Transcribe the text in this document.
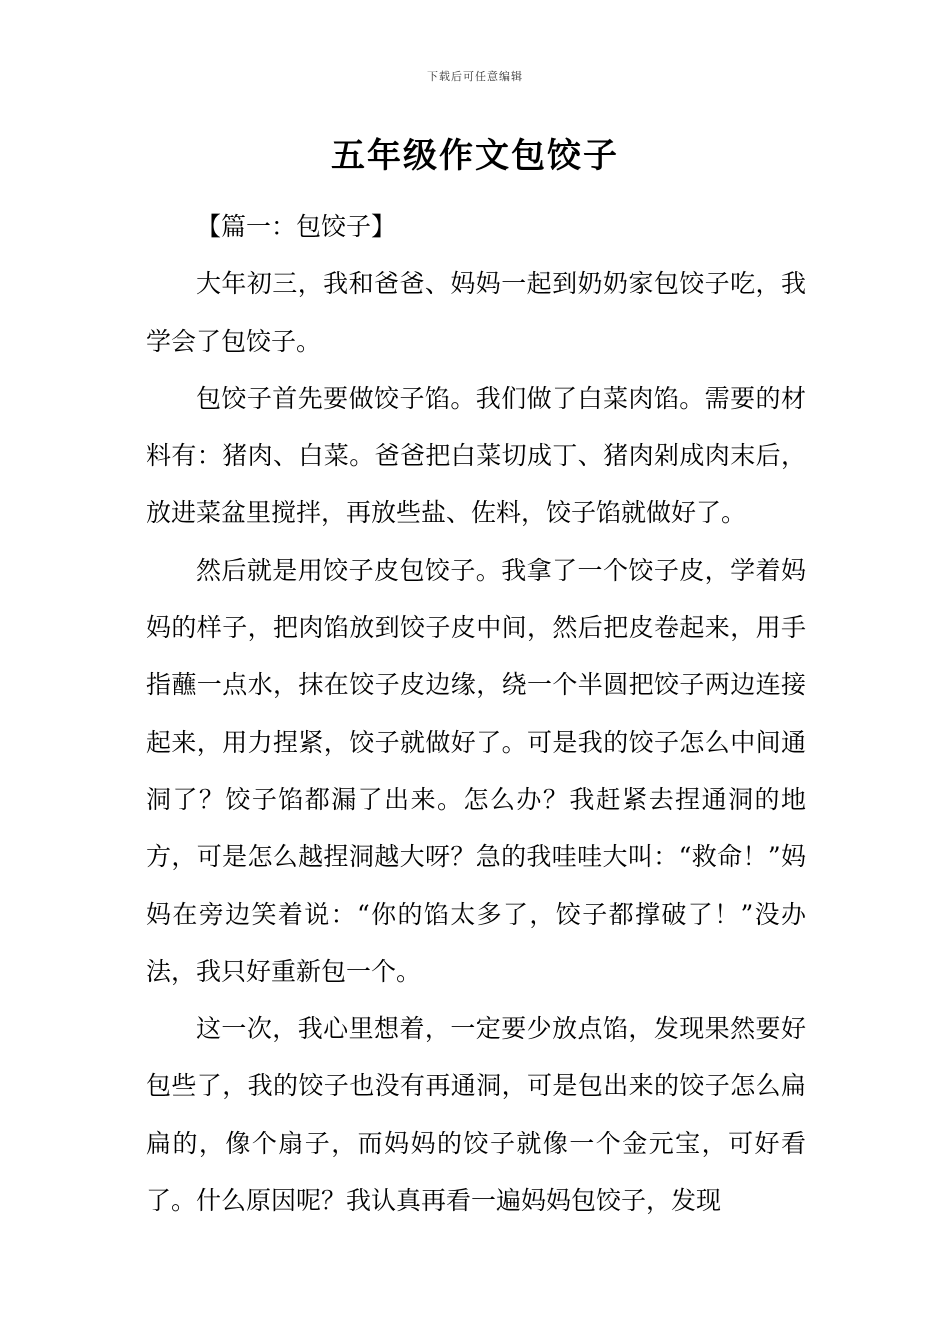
下载后可任意编辑
五年级作文包饺子

【篇一：包饺子】

大年初三，我和爸爸、妈妈一起到奶奶家包饺子吃，我学会了包饺子。

包饺子首先要做饺子馅。我们做了白菜肉馅。需要的材料有：猪肉、白菜。爸爸把白菜切成丁、猪肉剁成肉末后，放进菜盆里搅拌，再放些盐、佐料，饺子馅就做好了。

然后就是用饺子皮包饺子。我拿了一个饺子皮，学着妈妈的样子，把肉馅放到饺子皮中间，然后把皮卷起来，用手指蘸一点水，抹在饺子皮边缘，绕一个半圆把饺子两边连接起来，用力捏紧，饺子就做好了。可是我的饺子怎么中间通洞了？饺子馅都漏了出来。怎么办？我赶紧去捏通洞的地方，可是怎么越捏洞越大呀？急的我哇哇大叫：“救命！”妈妈在旁边笑着说：“你的馅太多了，饺子都撑破了！”没办法，我只好重新包一个。

这一次，我心里想着，一定要少放点馅，发现果然要好包些了，我的饺子也没有再通洞，可是包出来的饺子怎么扁扁的，像个扇子，而妈妈的饺子就像一个金元宝，可好看了。什么原因呢？我认真再看一遍妈妈包饺子，发现
